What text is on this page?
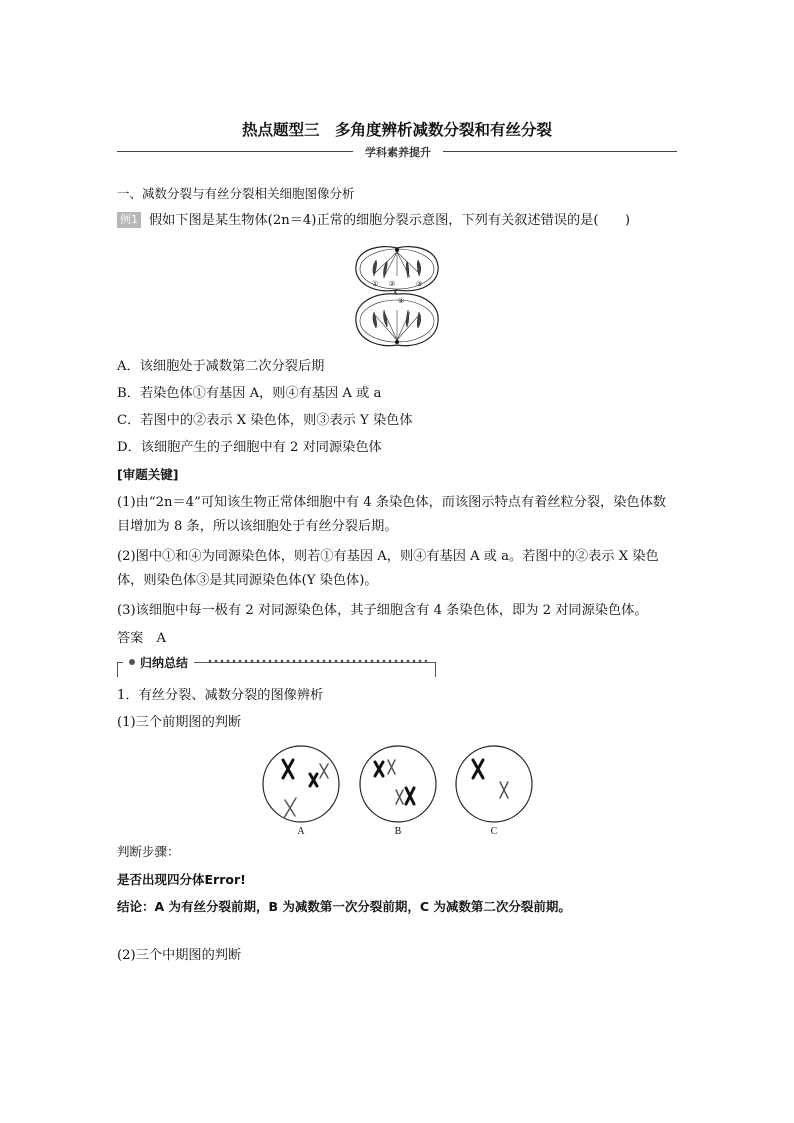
热点题型三　多角度辨析减数分裂和有丝分裂
学科素养提升
一、减数分裂与有丝分裂相关细胞图像分析
例1 假如下图是某生物体(2n＝4)正常的细胞分裂示意图，下列有关叙述错误的是(　　)
① ②	③
④
A．该细胞处于减数第二次分裂后期
B．若染色体①有基因 A，则④有基因 A 或 a
C．若图中的②表示 X 染色体，则③表示 Y 染色体
D．该细胞产生的子细胞中有 2 对同源染色体
[审题关键]
(1)由“2n＝4”可知该生物正常体细胞中有 4 条染色体，而该图示特点有着丝粒分裂，染色体数目增加为 8 条，所以该细胞处于有丝分裂后期。
(2)图中①和④为同源染色体，则若①有基因 A，则④有基因 A 或 a。若图中的②表示 X 染色体，则染色体③是其同源染色体(Y 染色体)。
(3)该细胞中每一极有 2 对同源染色体，其子细胞含有 4 条染色体，即为 2 对同源染色体。
答案　A
归纳总结
1．有丝分裂、减数分裂的图像辨析
(1)三个前期图的判断
A	B	C
判断步骤：
是否出现四分体Error!
结论：A 为有丝分裂前期，B 为减数第一次分裂前期，C 为减数第二次分裂前期。
(2)三个中期图的判断
